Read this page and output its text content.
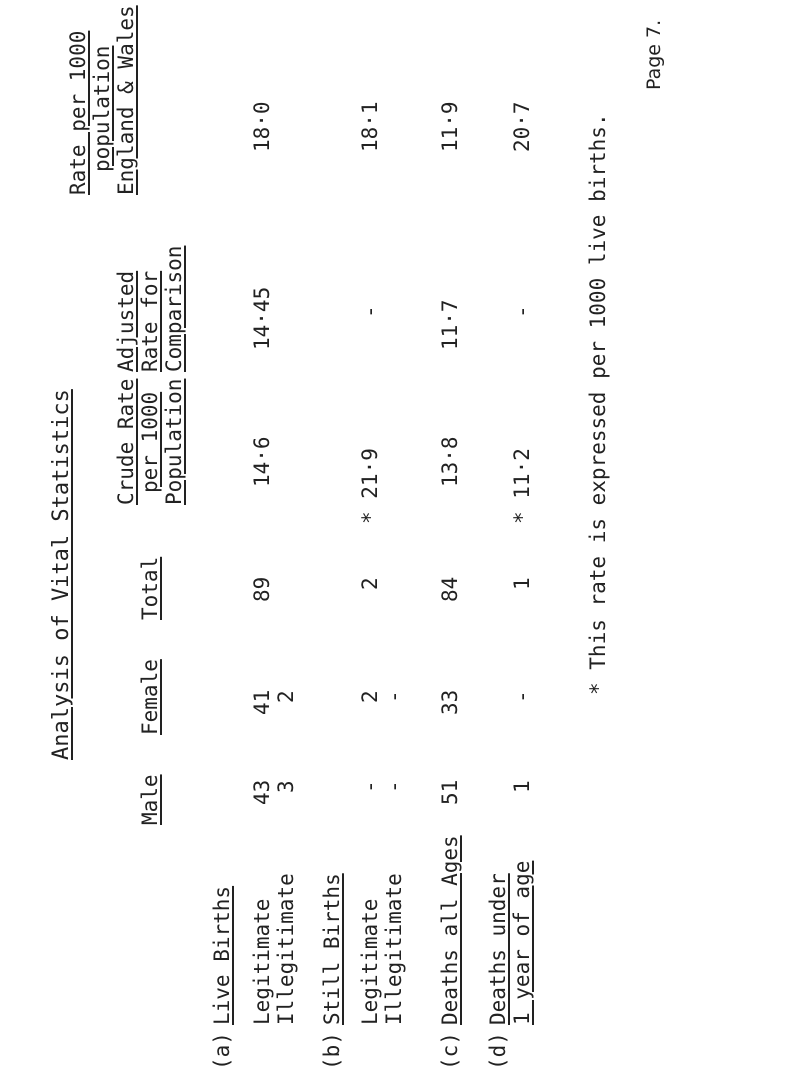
Analysis of Vital Statistics
Male
Female
Total
Crude Rate per 1000 Population
Adjusted Rate for Comparison
Rate per 1000 population England & Wales
(a)
Live Births Legitimate Illegitimate
43 3
41 2
89
14·6
14·45
18·0
(b)
Still Births Legitimate Illegitimate
- -
2 -
2
* 21·9
-
18·1
(c)
Deaths all Ages
51
33
84
13·8
11·7
11·9
(d)
Deaths under 1 year of age
1
-
1
* 11·2
-
20·7 * This rate is expressed per 1000 live births.
Page 7.
